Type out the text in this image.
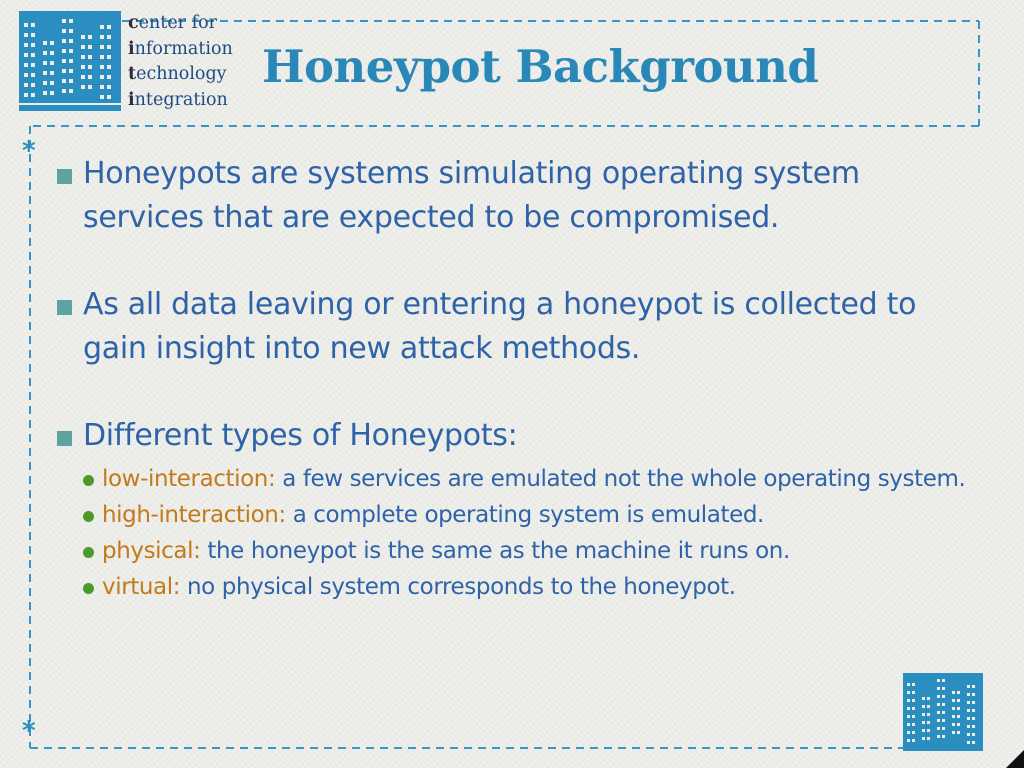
center for
information
technology
integration
Honeypot Background
*
*
Honeypots are systems simulating operating system services that are expected to be compromised.
As all data leaving or entering a honeypot is collected to gain insight into new attack methods.
Different types of Honeypots:
low-interaction: a few services are emulated not the whole operating system.
high-interaction: a complete operating system is emulated.
physical: the honeypot is the same as the machine it runs on.
virtual: no physical system corresponds to the honeypot.
